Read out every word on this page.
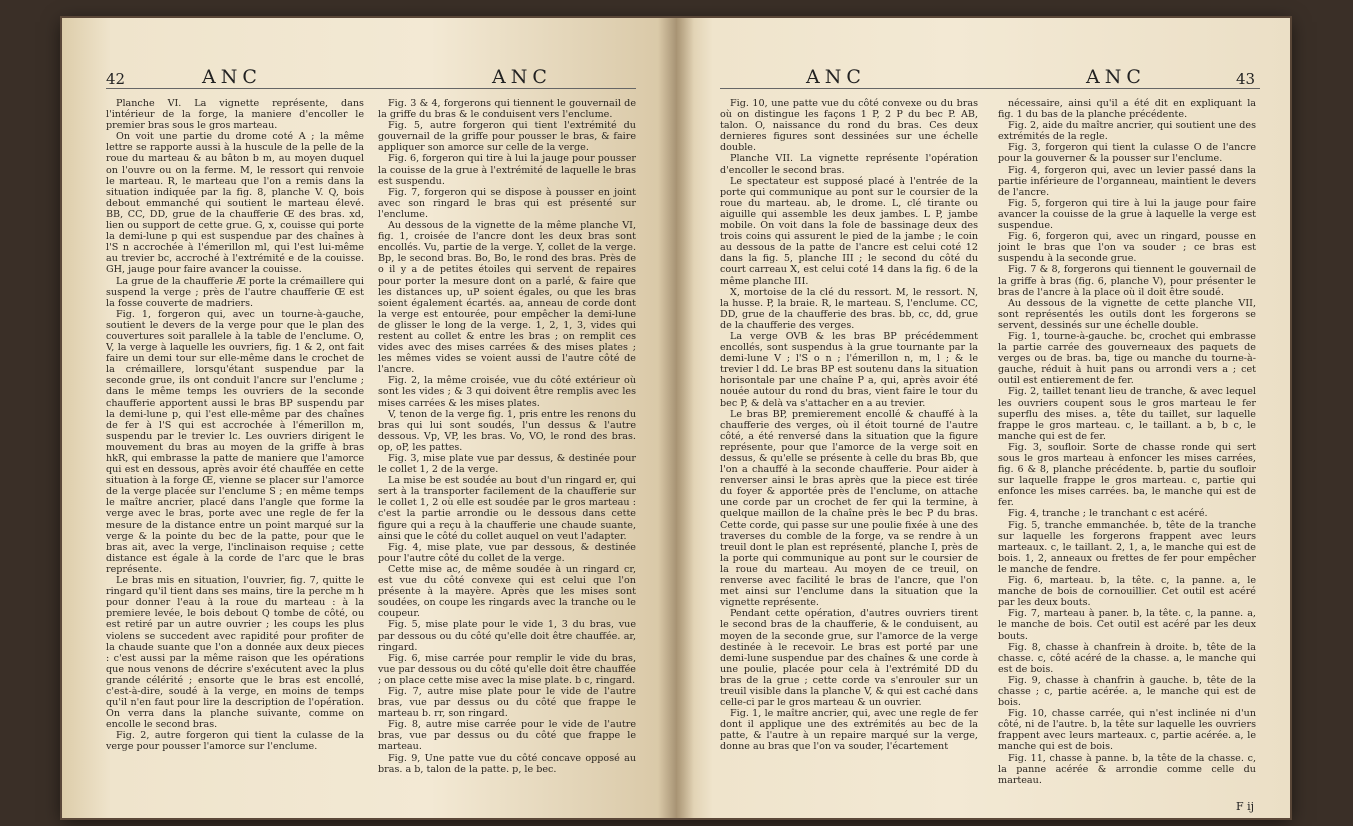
42	ANC	ANC

Planche VI. La vignette représente, dans l'intérieur de la forge, la maniere d'encoller le premier bras sous le gros marteau.

On voit une partie du drome coté A ; la même lettre se rapporte aussi à la huscule de la pelle de la roue du marteau & au bâton b m, au moyen duquel on l'ouvre ou on la ferme. M, le ressort qui renvoie le marteau. R, le marteau que l'on a remis dans la situation indiquée par la fig. 8, planche V. Q, bois debout emmanché qui soutient le marteau élevé. BB, CC, DD, grue de la chaufferie Œ des bras. xd, lien ou support de cette grue. G, x, couisse qui porte la demi-lune p qui est suspendue par des chaînes à l'S n accrochée à l'émerillon ml, qui l'est lui-même au trevier bc, accroché à l'extrémité e de la couisse. GH, jauge pour faire avancer la couisse.

La grue de la chaufferie Æ porte la crémaillere qui suspend la verge ; près de l'autre chaufferie Œ est la fosse couverte de madriers.

Fig. 1, forgeron qui, avec un tourne-à-gauche, soutient le devers de la verge pour que le plan des couvertures soit parallele à la table de l'enclume. O, V, la verge à laquelle les ouvriers, fig. 1 & 2, ont fait faire un demi tour sur elle-même dans le crochet de la crémaillere, lorsqu'étant suspendue par la seconde grue, ils ont conduit l'ancre sur l'enclume ; dans le même temps les ouvriers de la seconde chaufferie apportent aussi le bras BP suspendu par la demi-lune p, qui l'est elle-même par des chaînes de fer à l'S qui est accrochée à l'émerillon m, suspendu par le trevier lc. Les ouvriers dirigent le mouvement du bras au moyen de la griffe à bras hkR, qui embrasse la patte de maniere que l'amorce qui est en dessous, après avoir été chauffée en cette situation à la forge Œ, vienne se placer sur l'amorce de la verge placée sur l'enclume S ; en même temps le maître ancrier, placé dans l'angle que forme la verge avec le bras, porte avec une regle de fer la mesure de la distance entre un point marqué sur la verge & la pointe du bec de la patte, pour que le bras ait, avec la verge, l'inclinaison requise ; cette distance est égale à la corde de l'arc que le bras représente.

Le bras mis en situation, l'ouvrier, fig. 7, quitte le ringard qu'il tient dans ses mains, tire la perche m h pour donner l'eau à la roue du marteau : à la premiere levée, le bois debout Q tombe de côté, ou est retiré par un autre ouvrier ; les coups les plus violens se succedent avec rapidité pour profiter de la chaude suante que l'on a donnée aux deux pieces : c'est aussi par la même raison que les opérations que nous venons de décrire s'exécutent avec la plus grande célérité ; ensorte que le bras est encollé, c'est-à-dire, soudé à la verge, en moins de temps qu'il n'en faut pour lire la description de l'opération. On verra dans la planche suivante, comme on encolle le second bras.

Fig. 2, autre forgeron qui tient la culasse de la verge pour pousser l'amorce sur l'enclume.

Fig. 3 & 4, forgerons qui tiennent le gouvernail de la griffe du bras & le conduisent vers l'enclume.

Fig. 5, autre forgeron qui tient l'extrémité du gouvernail de la griffe pour pousser le bras, & faire appliquer son amorce sur celle de la verge.

Fig. 6, forgeron qui tire à lui la jauge pour pousser la couisse de la grue à l'extrémité de laquelle le bras est suspendu.

Fig. 7, forgeron qui se dispose à pousser en joint avec son ringard le bras qui est présenté sur l'enclume.

Au dessous de la vignette de la même planche VI, fig. 1, croisée de l'ancre dont les deux bras sont encollés. Vu, partie de la verge. Y, collet de la verge. Bp, le second bras. Bo, Bo, le rond des bras. Près de o il y a de petites étoiles qui servent de repaires pour porter la mesure dont on a parlé, & faire que les distances up, uP soient égales, ou que les bras soient également écartés. aa, anneau de corde dont la verge est entourée, pour empêcher la demi-lune de glisser le long de la verge. 1, 2, 1, 3, vides qui restent au collet & entre les bras ; on remplit ces vides avec des mises carrées & des mises plates ; les mêmes vides se voient aussi de l'autre côté de l'ancre.

Fig. 2, la même croisée, vue du côté extérieur où sont les vides ; & 3 qui doivent être remplis avec les mises carrées & les mises plates.

V, tenon de la verge fig. 1, pris entre les renons du bras qui lui sont soudés, l'un dessus & l'autre dessous. Vp, VP, les bras. Vo, VO, le rond des bras. op, oP, les pattes.

Fig. 3, mise plate vue par dessus, & destinée pour le collet 1, 2 de la verge.

La mise be est soudée au bout d'un ringard er, qui sert à la transporter facilement de la chaufferie sur le collet 1, 2 où elle est soudée par le gros marteau : c'est la partie arrondie ou le dessous dans cette figure qui a reçu à la chaufferie une chaude suante, ainsi que le côté du collet auquel on veut l'adapter.

Fig. 4, mise plate, vue par dessous, & destinée pour l'autre côté du collet de la verge.

Cette mise ac, de même soudée à un ringard cr, est vue du côté convexe qui est celui que l'on présente à la mayère. Après que les mises sont soudées, on coupe les ringards avec la tranche ou le coupeur.

Fig. 5, mise plate pour le vide 1, 3 du bras, vue par dessous ou du côté qu'elle doit être chauffée. ar, ringard.

Fig. 6, mise carrée pour remplir le vide du bras, vue par dessous ou du côté qu'elle doit être chauffée ; on place cette mise avec la mise plate. b c, ringard.

Fig. 7, autre mise plate pour le vide de l'autre bras, vue par dessus ou du côté que frappe le marteau b. rr, son ringard.

Fig. 8, autre mise carrée pour le vide de l'autre bras, vue par dessus ou du côté que frappe le marteau.

Fig. 9, Une patte vue du côté concave opposé au bras. a b, talon de la patte. p, le bec.

ANC	ANC	43

Fig. 10, une patte vue du côté convexe ou du bras où on distingue les façons 1 P, 2 P du bec P. AB, talon. O, naissance du rond du bras. Ces deux dernieres figures sont dessinées sur une échelle double.

Planche VII. La vignette représente l'opération d'encoller le second bras.

Le spectateur est supposé placé à l'entrée de la porte qui communique au pont sur le coursier de la roue du marteau. ab, le drome. L, clé tirante ou aiguille qui assemble les deux jambes. L P, jambe mobile. On voit dans la fole de bassinage deux des trois coins qui assurent le pied de la jambe ; le coin au dessous de la patte de l'ancre est celui coté 12 dans la fig. 5, planche III ; le second du côté du court carreau X, est celui coté 14 dans la fig. 6 de la même planche III.

X, mortoise de la clé du ressort. M, le ressort. N, la husse. P, la braie. R, le marteau. S, l'enclume. CC, DD, grue de la chaufferie des bras. bb, cc, dd, grue de la chaufferie des verges.

La verge OVB & les bras BP précédemment encollés, sont suspendus à la grue tournante par la demi-lune V ; l'S o n ; l'émerillon n, m, l ; & le trevier l dd. Le bras BP est soutenu dans la situation horisontale par une chaîne P a, qui, après avoir été nouée autour du rond du bras, vient faire le tour du bec P, & delà va s'attacher en a au trevier.

Le bras BP, premierement encollé & chauffé à la chaufferie des verges, où il étoit tourné de l'autre côté, a été renversé dans la situation que la figure représente, pour que l'amorce de la verge soit en dessus, & qu'elle se présente à celle du bras Bb, que l'on a chauffé à la seconde chaufferie. Pour aider à renverser ainsi le bras après que la piece est tirée du foyer & apportée près de l'enclume, on attache une corde par un crochet de fer qui la termine, à quelque maillon de la chaîne près le bec P du bras. Cette corde, qui passe sur une poulie fixée à une des traverses du comble de la forge, va se rendre à un treuil dont le plan est représenté, planche I, près de la porte qui communique au pont sur le coursier de la roue du marteau. Au moyen de ce treuil, on renverse avec facilité le bras de l'ancre, que l'on met ainsi sur l'enclume dans la situation que la vignette représente.

Pendant cette opération, d'autres ouvriers tirent le second bras de la chaufferie, & le conduisent, au moyen de la seconde grue, sur l'amorce de la verge destinée à le recevoir. Le bras est porté par une demi-lune suspendue par des chaînes & une corde à une poulie, placée pour cela à l'extrémité DD du bras de la grue ; cette corde va s'enrouler sur un treuil visible dans la planche V, & qui est caché dans celle-ci par le gros marteau & un ouvrier.

Fig. 1, le maître ancrier, qui, avec une regle de fer dont il applique une des extrémités au bec de la patte, & l'autre à un repaire marqué sur la verge, donne au bras que l'on va souder, l'écartement

nécessaire, ainsi qu'il a été dit en expliquant la fig. 1 du bas de la planche précédente.

Fig. 2, aide du maître ancrier, qui soutient une des extrémités de la regle.

Fig. 3, forgeron qui tient la culasse O de l'ancre pour la gouverner & la pousser sur l'enclume.

Fig. 4, forgeron qui, avec un levier passé dans la partie inférieure de l'organneau, maintient le devers de l'ancre.

Fig. 5, forgeron qui tire à lui la jauge pour faire avancer la couisse de la grue à laquelle la verge est suspendue.

Fig. 6, forgeron qui, avec un ringard, pousse en joint le bras que l'on va souder ; ce bras est suspendu à la seconde grue.

Fig. 7 & 8, forgerons qui tiennent le gouvernail de la griffe à bras (fig. 6, planche V), pour présenter le bras de l'ancre à la place où il doit être soudé.

Au dessous de la vignette de cette planche VII, sont représentés les outils dont les forgerons se servent, dessinés sur une échelle double.

Fig. 1, tourne-à-gauche. bc, crochet qui embrasse la partie carrée des gouverneaux des paquets de verges ou de bras. ba, tige ou manche du tourne-à-gauche, réduit à huit pans ou arrondi vers a ; cet outil est entierement de fer.

Fig. 2, taillet tenant lieu de tranche, & avec lequel les ouvriers coupent sous le gros marteau le fer superflu des mises. a, tête du taillet, sur laquelle frappe le gros marteau. c, le taillant. a b, b c, le manche qui est de fer.

Fig. 3, soufloir. Sorte de chasse ronde qui sert sous le gros marteau à enfoncer les mises carrées, fig. 6 & 8, planche précédente. b, partie du soufloir sur laquelle frappe le gros marteau. c, partie qui enfonce les mises carrées. ba, le manche qui est de fer.

Fig. 4, tranche ; le tranchant c est acéré.

Fig. 5, tranche emmanchée. b, tête de la tranche sur laquelle les forgerons frappent avec leurs marteaux. c, le taillant. 2, 1, a, le manche qui est de bois. 1, 2, anneaux ou frettes de fer pour empêcher le manche de fendre.

Fig. 6, marteau. b, la tête. c, la panne. a, le manche de bois de cornouillier. Cet outil est acéré par les deux bouts.

Fig. 7, marteau à paner. b, la tête. c, la panne. a, le manche de bois. Cet outil est acéré par les deux bouts.

Fig. 8, chasse à chanfrein à droite. b, tête de la chasse. c, côté acéré de la chasse. a, le manche qui est de bois.

Fig. 9, chasse à chanfrin à gauche. b, tête de la chasse ; c, partie acérée. a, le manche qui est de bois.

Fig. 10, chasse carrée, qui n'est inclinée ni d'un côté, ni de l'autre. b, la tête sur laquelle les ouvriers frappent avec leurs marteaux. c, partie acérée. a, le manche qui est de bois.

Fig. 11, chasse à panne. b, la tête de la chasse. c, la panne acérée & arrondie comme celle du marteau.

F ij
